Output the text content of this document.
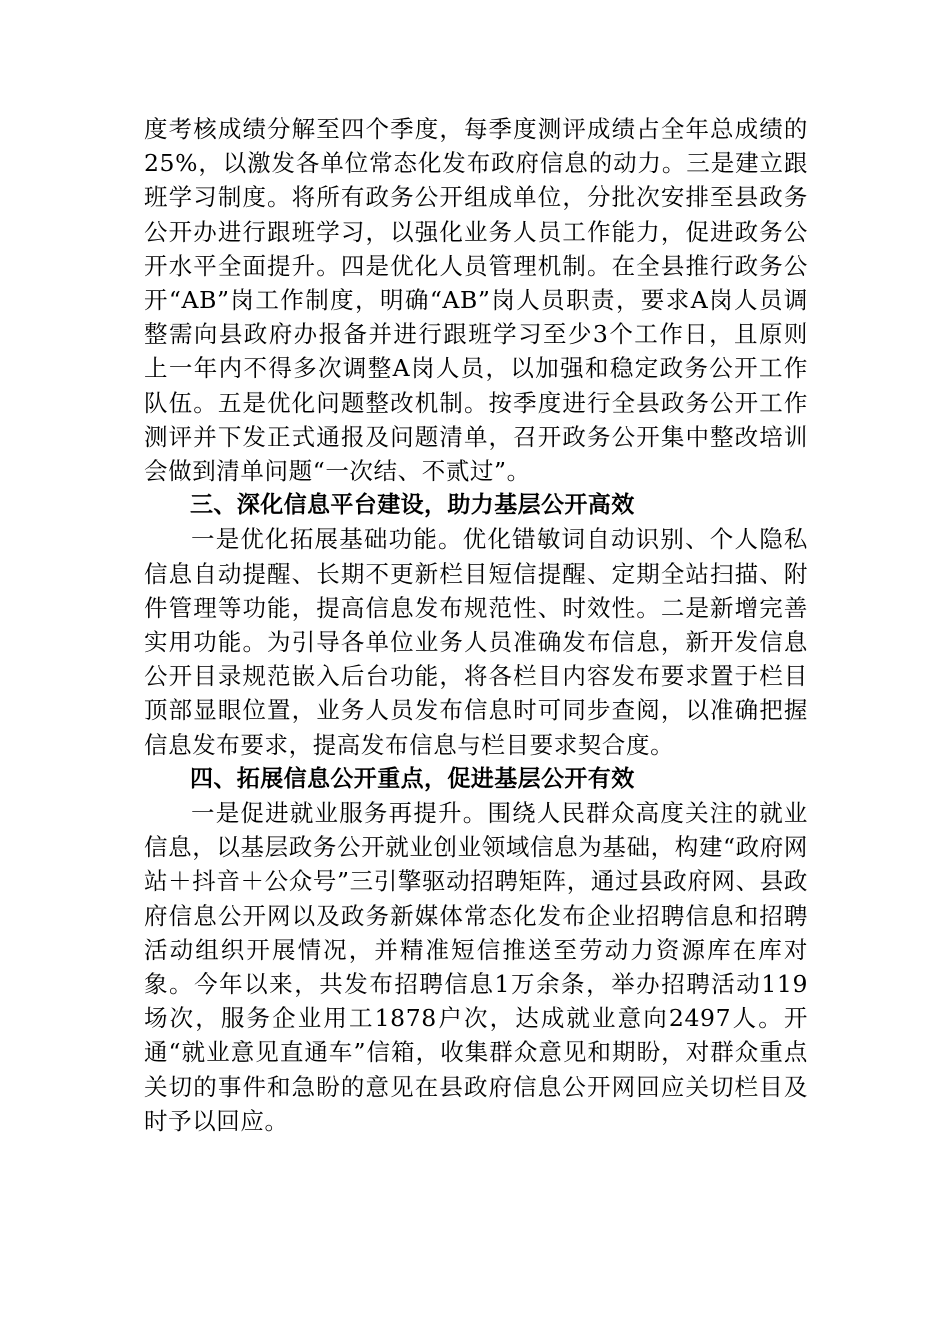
度考核成绩分解至四个季度，每季度测评成绩占全年总成绩的25%，以激发各单位常态化发布政府信息的动力。三是建立跟班学习制度。将所有政务公开组成单位，分批次安排至县政务公开办进行跟班学习，以强化业务人员工作能力，促进政务公开水平全面提升。四是优化人员管理机制。在全县推行政务公开“AB”岗工作制度，明确“AB”岗人员职责，要求A岗人员调整需向县政府办报备并进行跟班学习至少3个工作日，且原则上一年内不得多次调整A岗人员，以加强和稳定政务公开工作队伍。五是优化问题整改机制。按季度进行全县政务公开工作测评并下发正式通报及问题清单，召开政务公开集中整改培训会做到清单问题“一次结、不贰过”。

三、深化信息平台建设，助力基层公开高效

一是优化拓展基础功能。优化错敏词自动识别、个人隐私信息自动提醒、长期不更新栏目短信提醒、定期全站扫描、附件管理等功能，提高信息发布规范性、时效性。二是新增完善实用功能。为引导各单位业务人员准确发布信息，新开发信息公开目录规范嵌入后台功能，将各栏目内容发布要求置于栏目顶部显眼位置，业务人员发布信息时可同步查阅，以准确把握信息发布要求，提高发布信息与栏目要求契合度。

四、拓展信息公开重点，促进基层公开有效

一是促进就业服务再提升。围绕人民群众高度关注的就业信息，以基层政务公开就业创业领域信息为基础，构建“政府网站＋抖音＋公众号”三引擎驱动招聘矩阵，通过县政府网、县政府信息公开网以及政务新媒体常态化发布企业招聘信息和招聘活动组织开展情况，并精准短信推送至劳动力资源库在库对象。今年以来，共发布招聘信息1万余条，举办招聘活动119场次，服务企业用工1878户次，达成就业意向2497人。开通“就业意见直通车”信箱，收集群众意见和期盼，对群众重点关切的事件和急盼的意见在县政府信息公开网回应关切栏目及时予以回应。
